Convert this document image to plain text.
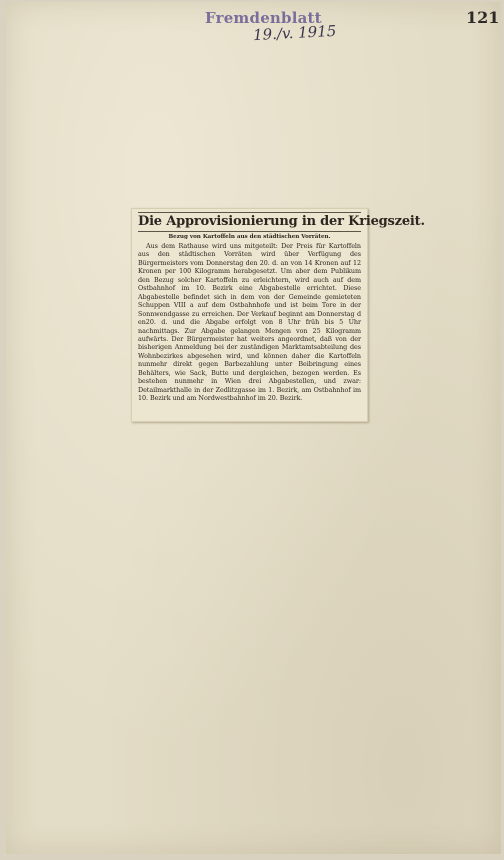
Fremdenblatt
19./v. 1915
121
Die Approvisionierung in der Kriegszeit.
Bezug von Kartoffeln aus den städtischen Vorräten.

Aus dem Rathause wird uns mitgeteilt: Der Preis für Kartoffeln aus den städtischen Vorräten wird über Verfügung des Bürgermeisters vom Donnerstag den 20. d. an von 14 Kronen auf 12 Kronen per 100 Kilogramm herabgesetzt. Um aber dem Publikum den Bezug solcher Kartoffeln zu erleichtern, wird auch auf dem Ostbahnhof im 10. Bezirk eine Abgabestelle errichtet. Diese Abgabestelle befindet sich in dem von der Gemeinde gemieteten Schuppen VIII a auf dem Ostbahnhofe und ist beim Tore in der Sonnwendgasse zu erreichen. Der Verkauf beginnt am Donnerstag d en20. d. und die Abgabe erfolgt von 8 Uhr früh bis 5 Uhr nachmittags. Zur Abgabe gelangen Mengen von 25 Kilogramm aufwärts. Der Bürgermeister hat weiters angeordnet, daß von der bisherigen Anmeldung bei der zuständigen Marktamtsabteilung des Wohnbezirkes abgesehen wird, und können daher die Kartoffeln nunmehr direkt gegen Barbezahlung unter Beibringung eines Behälters, wie Sack, Butte und dergleichen, bezogen werden. Es bestehen nunmehr in Wien drei Abgabestellen, und zwar: Detailmarkthalle in der Zedlitzgasse im 1. Bezirk, am Ostbahnhof im 10. Bezirk und am Nordwestbahnhof im 20. Bezirk.
